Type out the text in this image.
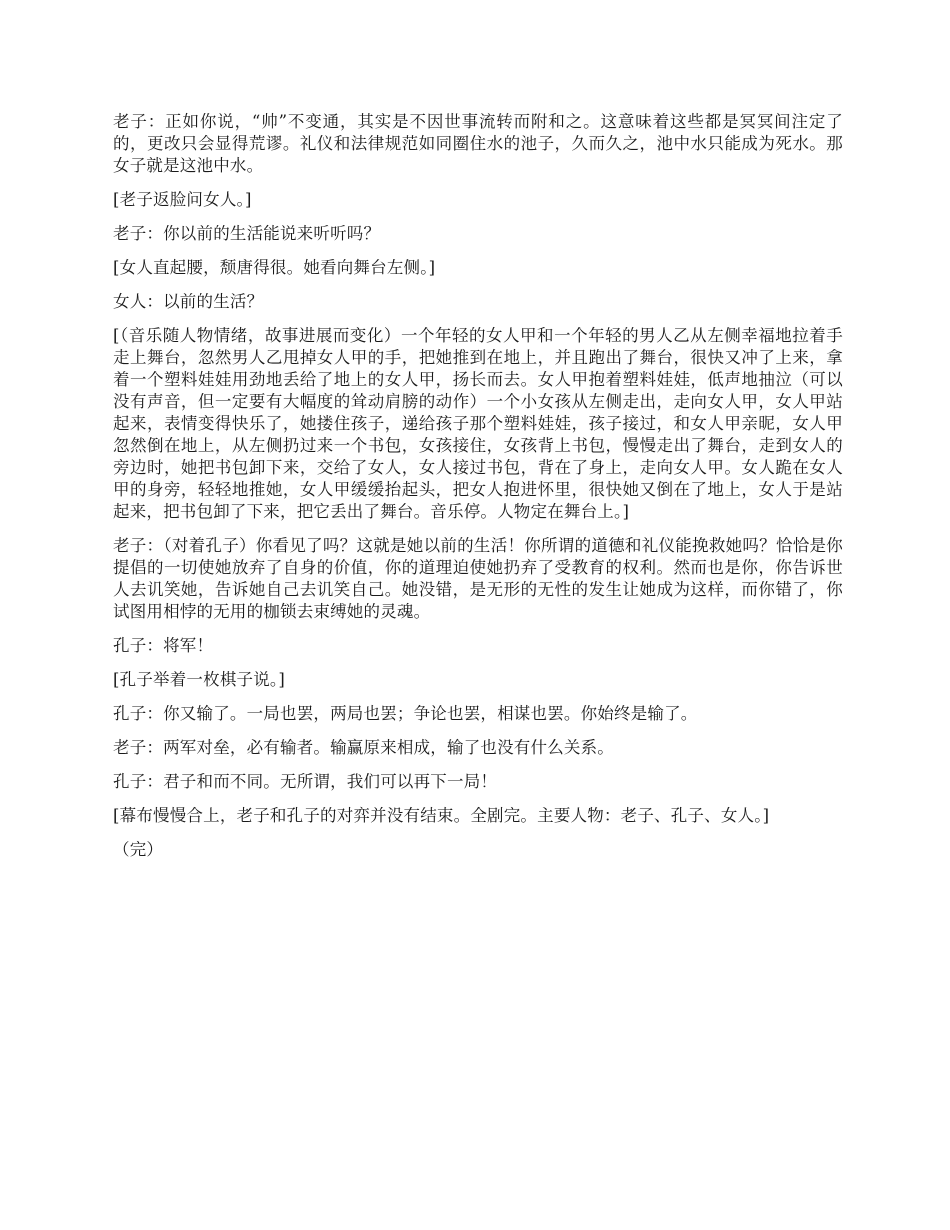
老子：正如你说，“帅”不变通，其实是不因世事流转而附和之。这意味着这些都是冥冥间注定了的，更改只会显得荒谬。礼仪和法律规范如同圈住水的池子，久而久之，池中水只能成为死水。那女子就是这池中水。

[老子返脸问女人。]

老子：你以前的生活能说来听听吗？

[女人直起腰，颓唐得很。她看向舞台左侧。]

女人：以前的生活？

[（音乐随人物情绪，故事进展而变化）一个年轻的女人甲和一个年轻的男人乙从左侧幸福地拉着手走上舞台，忽然男人乙甩掉女人甲的手，把她推到在地上，并且跑出了舞台，很快又冲了上来，拿着一个塑料娃娃用劲地丢给了地上的女人甲，扬长而去。女人甲抱着塑料娃娃，低声地抽泣（可以没有声音，但一定要有大幅度的耸动肩膀的动作）一个小女孩从左侧走出，走向女人甲，女人甲站起来，表情变得快乐了，她搂住孩子，递给孩子那个塑料娃娃，孩子接过，和女人甲亲昵，女人甲忽然倒在地上，从左侧扔过来一个书包，女孩接住，女孩背上书包，慢慢走出了舞台，走到女人的旁边时，她把书包卸下来，交给了女人，女人接过书包，背在了身上，走向女人甲。女人跪在女人甲的身旁，轻轻地推她，女人甲缓缓抬起头，把女人抱进怀里，很快她又倒在了地上，女人于是站起来，把书包卸了下来，把它丢出了舞台。音乐停。人物定在舞台上。]

老子：（对着孔子）你看见了吗？这就是她以前的生活！你所谓的道德和礼仪能挽救她吗？恰恰是你提倡的一切使她放弃了自身的价值，你的道理迫使她扔弃了受教育的权利。然而也是你，你告诉世人去讥笑她，告诉她自己去讥笑自己。她没错，是无形的无性的发生让她成为这样，而你错了，你试图用相悖的无用的枷锁去束缚她的灵魂。

孔子：将军！

[孔子举着一枚棋子说。]

孔子：你又输了。一局也罢，两局也罢；争论也罢，相谋也罢。你始终是输了。

老子：两军对垒，必有输者。输赢原来相成，输了也没有什么关系。

孔子：君子和而不同。无所谓，我们可以再下一局！

[幕布慢慢合上，老子和孔子的对弈并没有结束。全剧完。主要人物：老子、孔子、女人。]

（完）
